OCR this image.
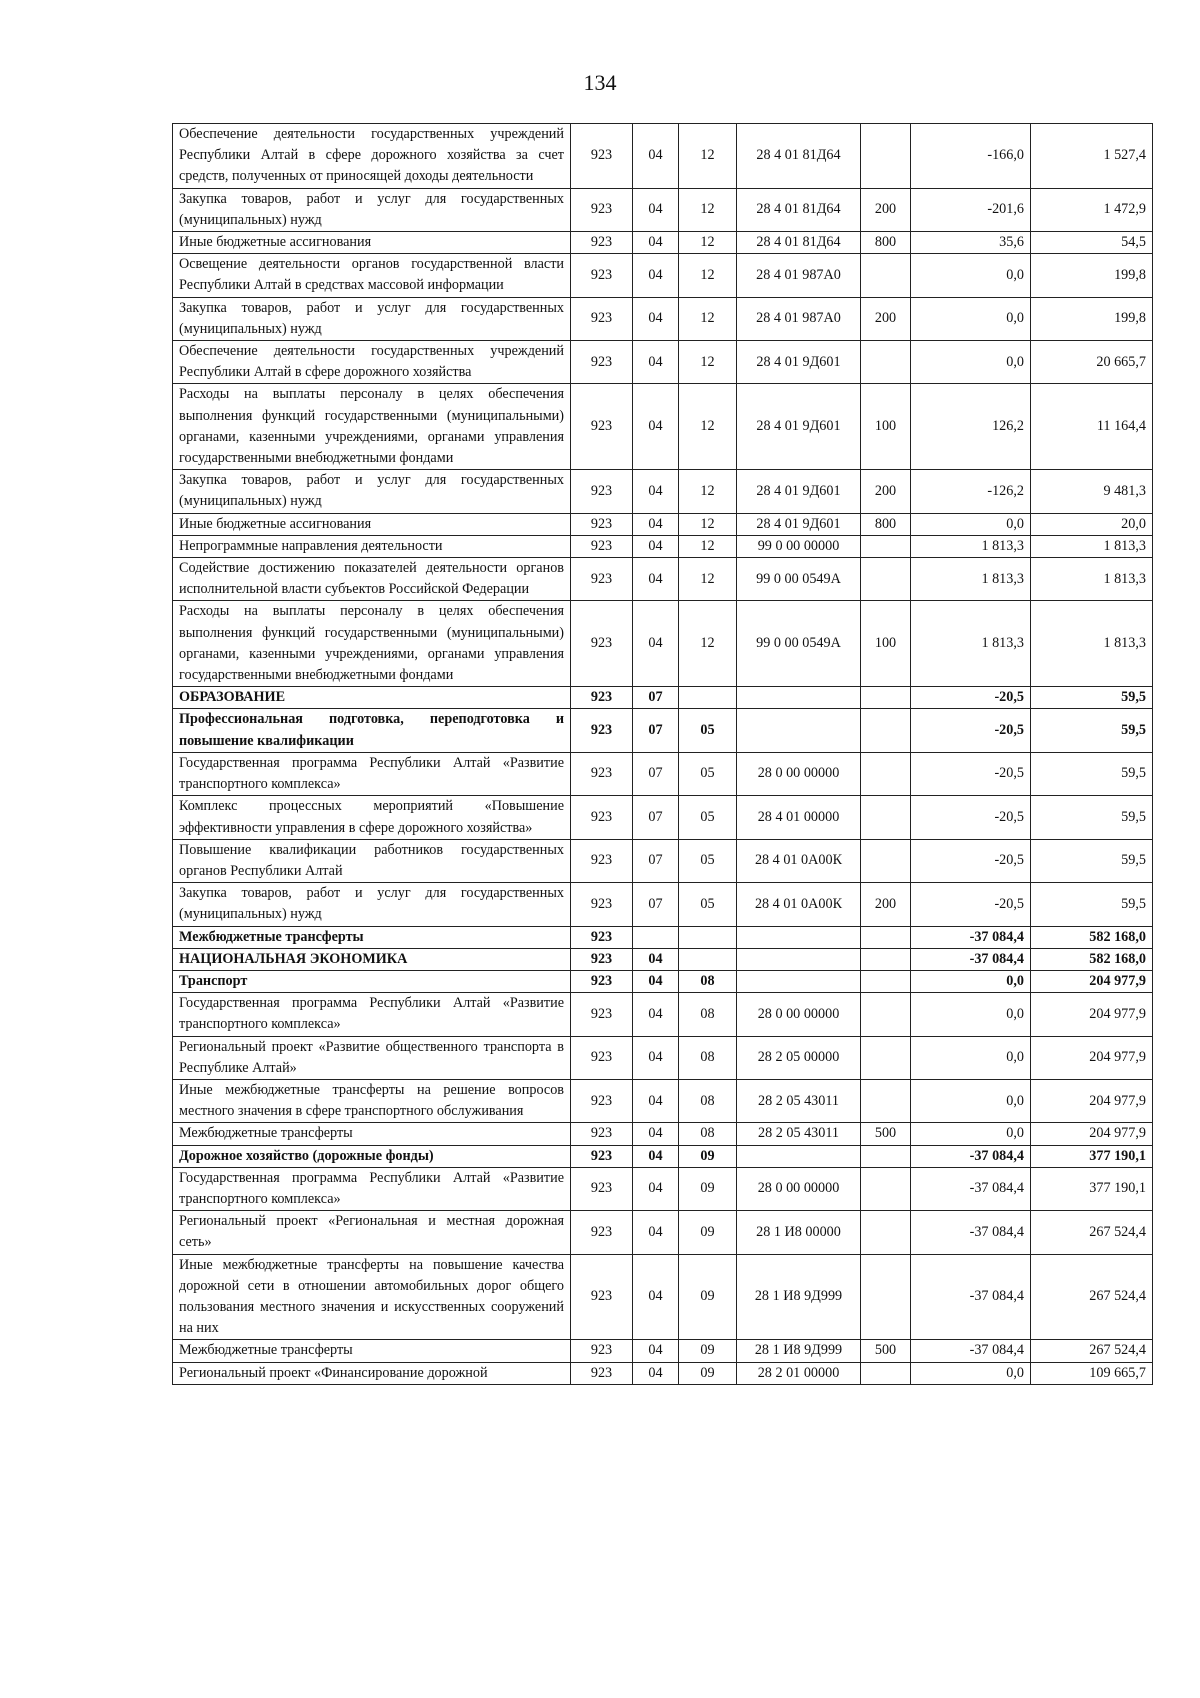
134
Обеспечение деятельности государственных учреждений Республики Алтай в сфере дорожного хозяйства за счет средств, полученных от приносящей доходы деятельности	923	04	12	28 4 01 81Д64		-166,0	1 527,4
Закупка товаров, работ и услуг для государственных (муниципальных) нужд	923	04	12	28 4 01 81Д64	200	-201,6	1 472,9
Иные бюджетные ассигнования	923	04	12	28 4 01 81Д64	800	35,6	54,5
Освещение деятельности органов государственной власти Республики Алтай в средствах массовой информации	923	04	12	28 4 01 987А0		0,0	199,8
Закупка товаров, работ и услуг для государственных (муниципальных) нужд	923	04	12	28 4 01 987А0	200	0,0	199,8
Обеспечение деятельности государственных учреждений Республики Алтай в сфере дорожного хозяйства	923	04	12	28 4 01 9Д601		0,0	20 665,7
Расходы на выплаты персоналу в целях обеспечения выполнения функций государственными (муниципальными) органами, казенными учреждениями, органами управления государственными внебюджетными фондами	923	04	12	28 4 01 9Д601	100	126,2	11 164,4
Закупка товаров, работ и услуг для государственных (муниципальных) нужд	923	04	12	28 4 01 9Д601	200	-126,2	9 481,3
Иные бюджетные ассигнования	923	04	12	28 4 01 9Д601	800	0,0	20,0
Непрограммные направления деятельности	923	04	12	99 0 00 00000		1 813,3	1 813,3
Содействие достижению показателей деятельности органов исполнительной власти субъектов Российской Федерации	923	04	12	99 0 00 0549А		1 813,3	1 813,3
Расходы на выплаты персоналу в целях обеспечения выполнения функций государственными (муниципальными) органами, казенными учреждениями, органами управления государственными внебюджетными фондами	923	04	12	99 0 00 0549А	100	1 813,3	1 813,3
ОБРАЗОВАНИЕ	923	07				-20,5	59,5
Профессиональная подготовка, переподготовка и повышение квалификации	923	07	05			-20,5	59,5
Государственная программа Республики Алтай «Развитие транспортного комплекса»	923	07	05	28 0 00 00000		-20,5	59,5
Комплекс процессных мероприятий «Повышение эффективности управления в сфере дорожного хозяйства»	923	07	05	28 4 01 00000		-20,5	59,5
Повышение квалификации работников государственных органов Республики Алтай	923	07	05	28 4 01 0А00К		-20,5	59,5
Закупка товаров, работ и услуг для государственных (муниципальных) нужд	923	07	05	28 4 01 0А00К	200	-20,5	59,5
Межбюджетные трансферты	923					-37 084,4	582 168,0
НАЦИОНАЛЬНАЯ ЭКОНОМИКА	923	04				-37 084,4	582 168,0
Транспорт	923	04	08			0,0	204 977,9
Государственная программа Республики Алтай «Развитие транспортного комплекса»	923	04	08	28 0 00 00000		0,0	204 977,9
Региональный проект «Развитие общественного транспорта в Республике Алтай»	923	04	08	28 2 05 00000		0,0	204 977,9
Иные межбюджетные трансферты на решение вопросов местного значения в сфере транспортного обслуживания	923	04	08	28 2 05 43011		0,0	204 977,9
Межбюджетные трансферты	923	04	08	28 2 05 43011	500	0,0	204 977,9
Дорожное хозяйство (дорожные фонды)	923	04	09			-37 084,4	377 190,1
Государственная программа Республики Алтай «Развитие транспортного комплекса»	923	04	09	28 0 00 00000		-37 084,4	377 190,1
Региональный проект «Региональная и местная дорожная сеть»	923	04	09	28 1 И8 00000		-37 084,4	267 524,4
Иные межбюджетные трансферты на повышение качества дорожной сети в отношении автомобильных дорог общего пользования местного значения и искусственных сооружений на них	923	04	09	28 1 И8 9Д999		-37 084,4	267 524,4
Межбюджетные трансферты	923	04	09	28 1 И8 9Д999	500	-37 084,4	267 524,4
Региональный проект «Финансирование дорожной	923	04	09	28 2 01 00000		0,0	109 665,7
